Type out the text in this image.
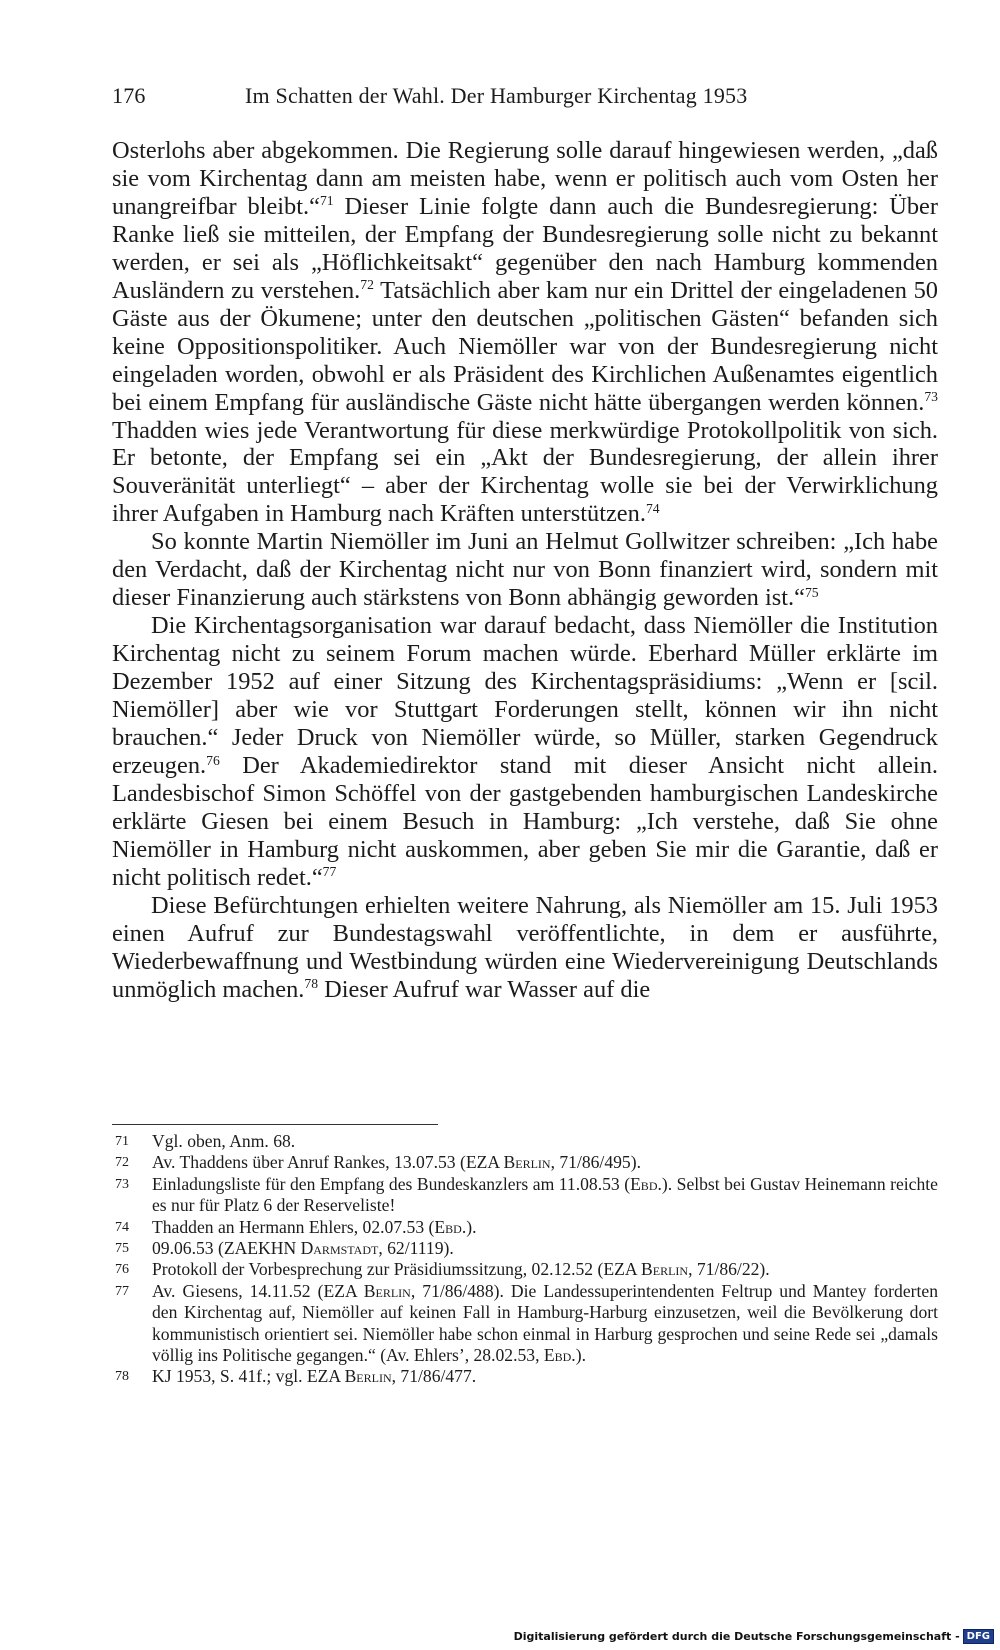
176	Im Schatten der Wahl. Der Hamburger Kirchentag 1953

Osterlohs aber abgekommen. Die Regierung solle darauf hingewiesen werden, „daß sie vom Kirchentag dann am meisten habe, wenn er politisch auch vom Osten her unangreifbar bleibt.“$^{71}$ Dieser Linie folgte dann auch die Bundesregierung: Über Ranke ließ sie mitteilen, der Empfang der Bundesregierung solle nicht zu bekannt werden, er sei als „Höflichkeitsakt“ gegenüber den nach Hamburg kommenden Ausländern zu verstehen.$^{72}$ Tatsächlich aber kam nur ein Drittel der eingeladenen 50 Gäste aus der Ökumene; unter den deutschen „politischen Gästen“ befanden sich keine Oppositionspolitiker. Auch Niemöller war von der Bundesregierung nicht eingeladen worden, obwohl er als Präsident des Kirchlichen Außenamtes eigentlich bei einem Empfang für ausländische Gäste nicht hätte übergangen werden können.$^{73}$ Thadden wies jede Verantwortung für diese merkwürdige Protokollpolitik von sich. Er betonte, der Empfang sei ein „Akt der Bundesregierung, der allein ihrer Souveränität unterliegt“ – aber der Kirchentag wolle sie bei der Verwirklichung ihrer Aufgaben in Hamburg nach Kräften unterstützen.$^{74}$

So konnte Martin Niemöller im Juni an Helmut Gollwitzer schreiben: „Ich habe den Verdacht, daß der Kirchentag nicht nur von Bonn finanziert wird, sondern mit dieser Finanzierung auch stärkstens von Bonn abhängig geworden ist.“$^{75}$

Die Kirchentagsorganisation war darauf bedacht, dass Niemöller die Institution Kirchentag nicht zu seinem Forum machen würde. Eberhard Müller erklärte im Dezember 1952 auf einer Sitzung des Kirchentagspräsidiums: „Wenn er [scil. Niemöller] aber wie vor Stuttgart Forderungen stellt, können wir ihn nicht brauchen.“ Jeder Druck von Niemöller würde, so Müller, starken Gegendruck erzeugen.$^{76}$ Der Akademiedirektor stand mit dieser Ansicht nicht allein. Landesbischof Simon Schöffel von der gastgebenden hamburgischen Landeskirche erklärte Giesen bei einem Besuch in Hamburg: „Ich verstehe, daß Sie ohne Niemöller in Hamburg nicht auskommen, aber geben Sie mir die Garantie, daß er nicht politisch redet.“$^{77}$

Diese Befürchtungen erhielten weitere Nahrung, als Niemöller am 15. Juli 1953 einen Aufruf zur Bundestagswahl veröffentlichte, in dem er ausführte, Wiederbewaffnung und Westbindung würden eine Wiedervereinigung Deutschlands unmöglich machen.$^{78}$ Dieser Aufruf war Wasser auf die

71 Vgl. oben, Anm. 68.
72 Av. Thaddens über Anruf Rankes, 13.07.53 (EZA Berlin, 71/86/495).
73 Einladungsliste für den Empfang des Bundeskanzlers am 11.08.53 (Ebd.). Selbst bei Gustav Heinemann reichte es nur für Platz 6 der Reserveliste!
74 Thadden an Hermann Ehlers, 02.07.53 (Ebd.).
75 09.06.53 (ZAEKHN Darmstadt, 62/1119).
76 Protokoll der Vorbesprechung zur Präsidiumssitzung, 02.12.52 (EZA Berlin, 71/86/22).
77 Av. Giesens, 14.11.52 (EZA Berlin, 71/86/488). Die Landessuperintendenten Feltrup und Mantey forderten den Kirchentag auf, Niemöller auf keinen Fall in Hamburg-Harburg einzusetzen, weil die Bevölkerung dort kommunistisch orientiert sei. Niemöller habe schon einmal in Harburg gesprochen und seine Rede sei „damals völlig ins Politische gegangen.“ (Av. Ehlers’, 28.02.53, Ebd.).
78 KJ 1953, S. 41f.; vgl. EZA Berlin, 71/86/477.
Digitalisierung gefördert durch die Deutsche Forschungsgemeinschaft - DFG
